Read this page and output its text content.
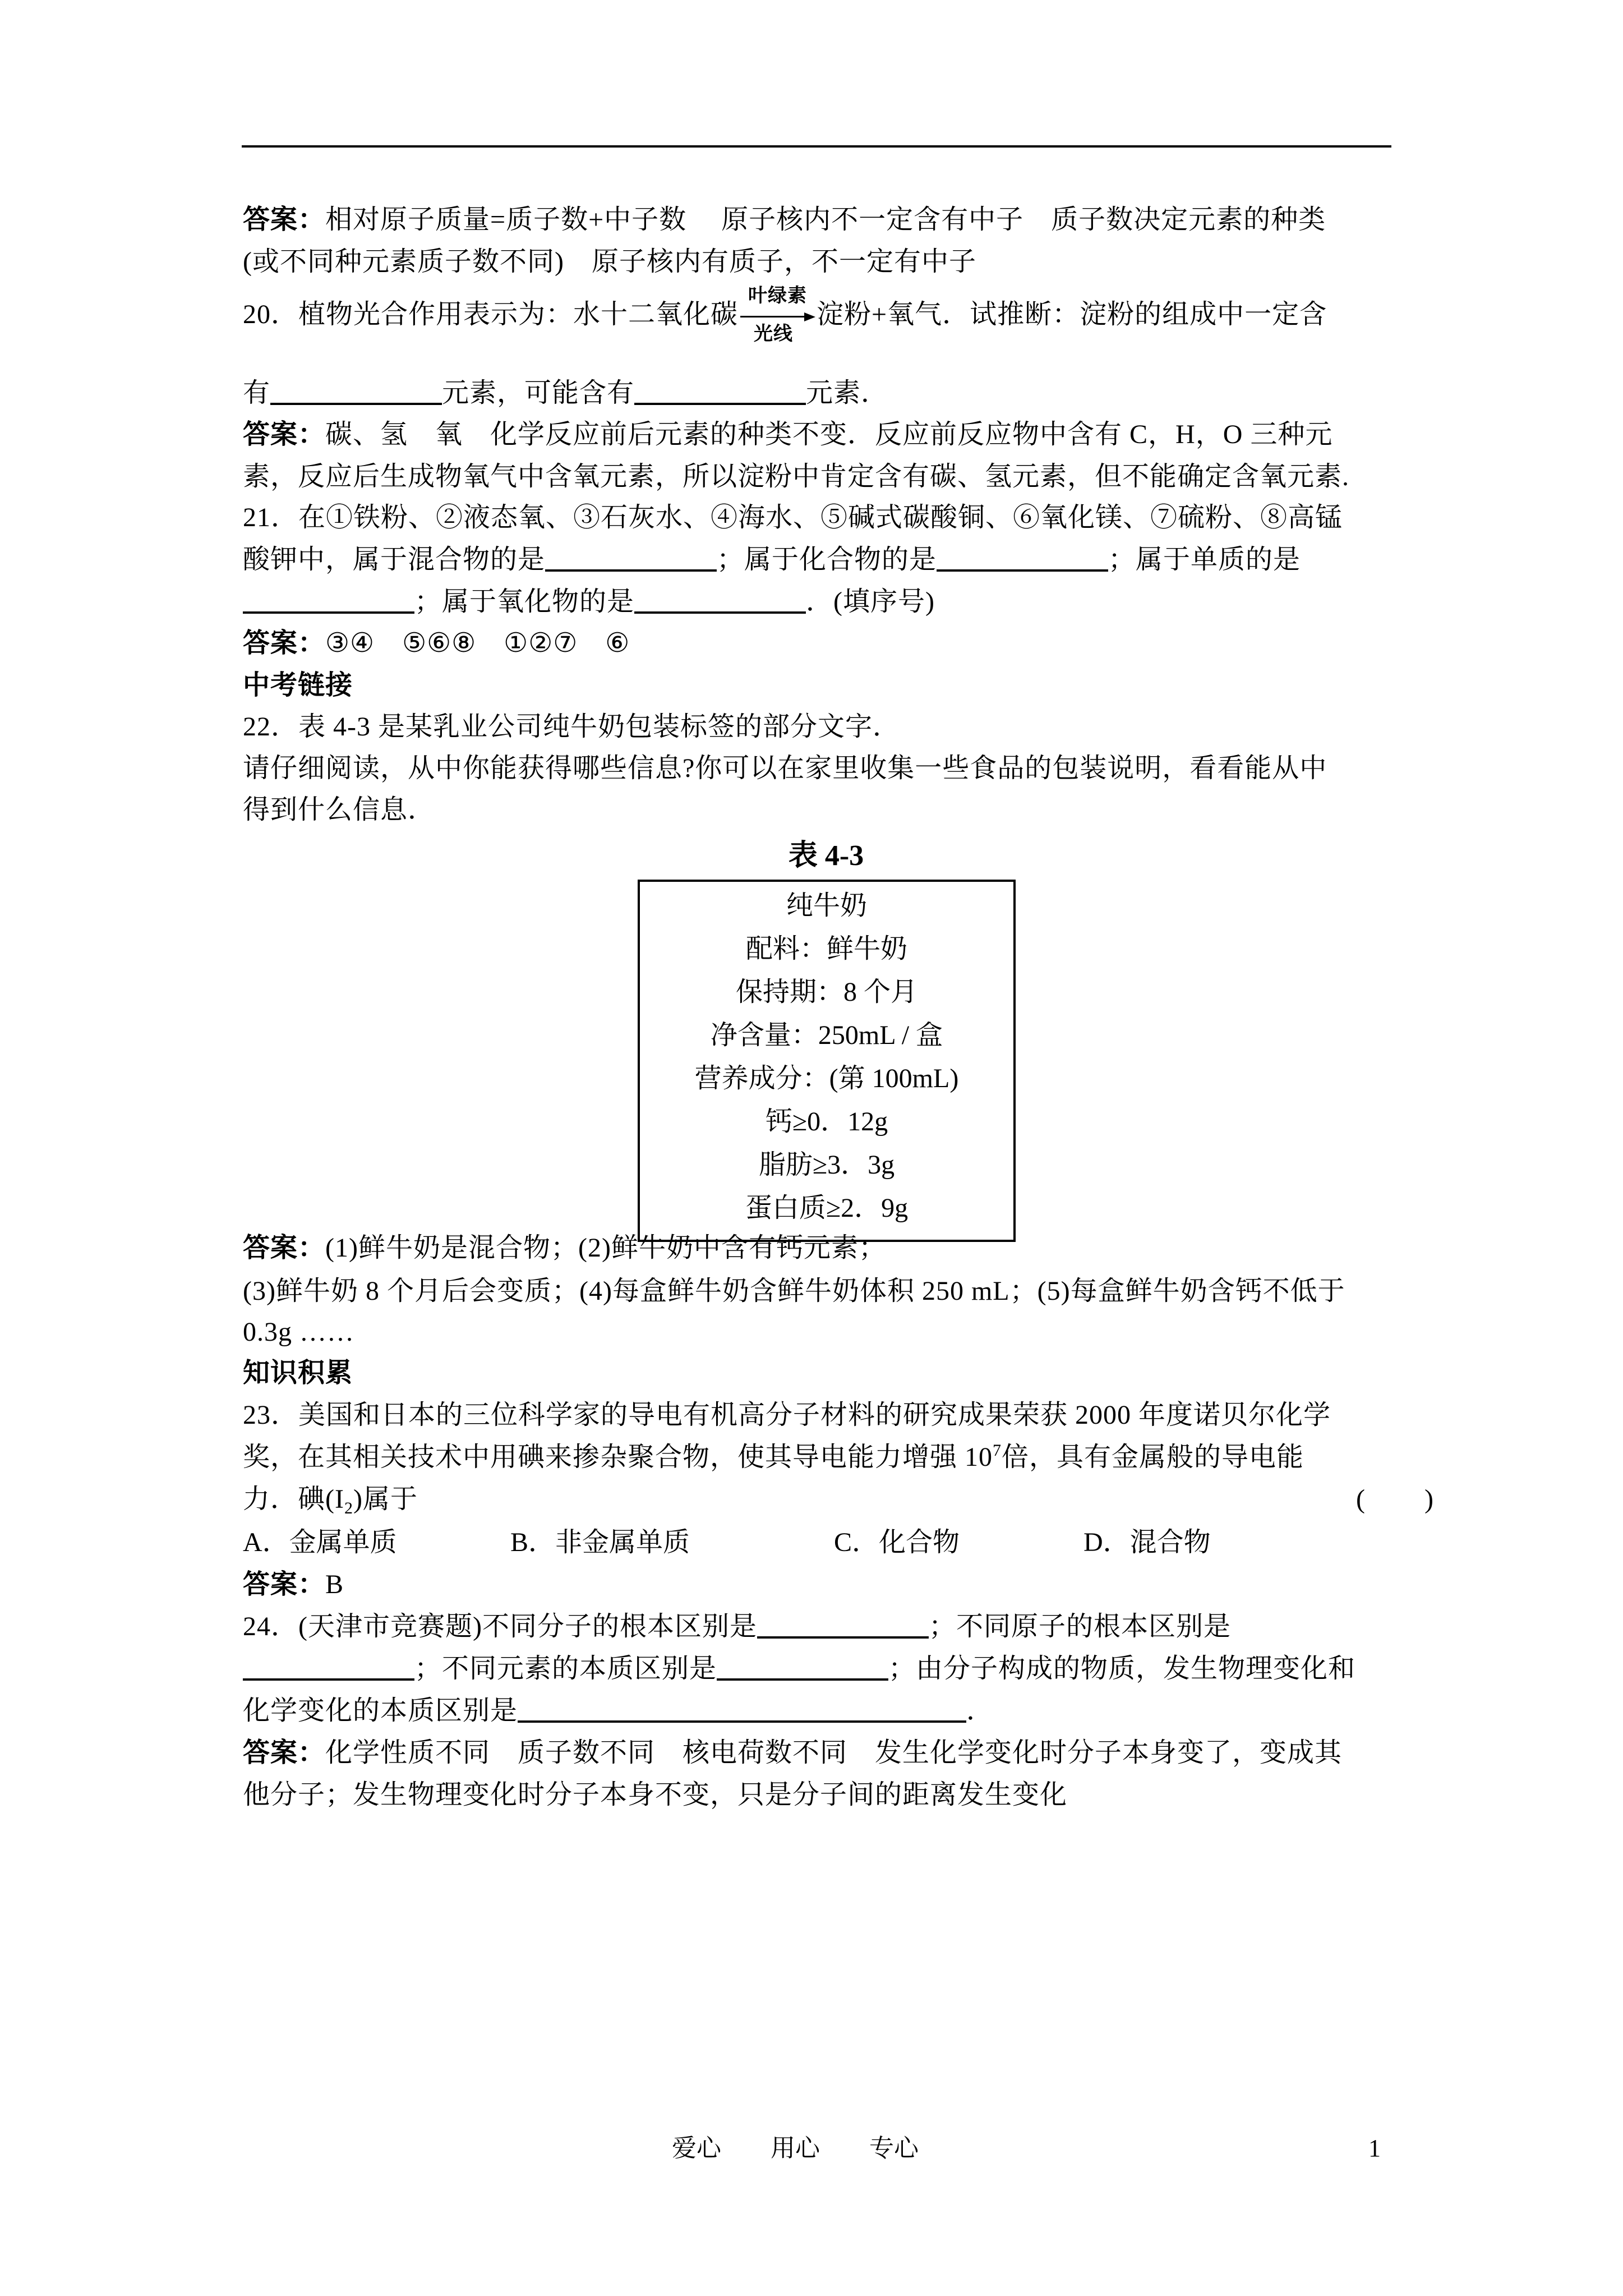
答案：相对原子质量=质子数+中子数　 原子核内不一定含有中子　质子数决定元素的种类
(或不同种元素质子数不同)　原子核内有质子，不一定有中子
20．植物光合作用表示为：水十二氧化碳
叶绿素
光线
淀粉+氧气．试推断：淀粉的组成中一定含
有	元素，可能含有	元素．
答案：碳、氢　氧　化学反应前后元素的种类不变．反应前反应物中含有 C，H，O 三种元
素，反应后生成物氧气中含氧元素，所以淀粉中肯定含有碳、氢元素，但不能确定含氧元素.
21．在①铁粉、②液态氧、③石灰水、④海水、⑤碱式碳酸铜、⑥氧化镁、⑦硫粉、⑧高锰
酸钾中，属于混合物的是	；属于化合物的是	；属于单质的是
；属于氧化物的是	．(填序号)
答案：③④　⑤⑥⑧　①②⑦　⑥
中考链接
22．表 4-3 是某乳业公司纯牛奶包装标签的部分文字．
请仔细阅读，从中你能获得哪些信息?你可以在家里收集一些食品的包装说明，看看能从中
得到什么信息．
表 4-3
纯牛奶
配料：鲜牛奶
保持期：8 个月
净含量：250mL / 盒
营养成分：(第 100mL)
钙≥0．12g
脂肪≥3．3g
蛋白质≥2．9g
答案：(1)鲜牛奶是混合物；(2)鲜牛奶中含有钙元素；
(3)鲜牛奶 8 个月后会变质；(4)每盒鲜牛奶含鲜牛奶体积 250 mL；(5)每盒鲜牛奶含钙不低于
0.3g ……
知识积累
23．美国和日本的三位科学家的导电有机高分子材料的研究成果荣获 2000 年度诺贝尔化学
奖，在其相关技术中用碘来掺杂聚合物，使其导电能力增强 $10^7$倍，具有金属般的导电能
力．碘$(I_2)$属于	( )
A．金属单质	B．非金属单质	C．化合物	D．混合物
答案：B
24．(天津市竞赛题)不同分子的根本区别是	；不同原子的根本区别是
；不同元素的本质区别是	；由分子构成的物质，发生物理变化和
化学变化的本质区别是	．
答案：化学性质不同　质子数不同　核电荷数不同　发生化学变化时分子本身变了，变成其
他分子；发生物理变化时分子本身不变，只是分子间的距离发生变化
爱心　　用心　　专心	1
